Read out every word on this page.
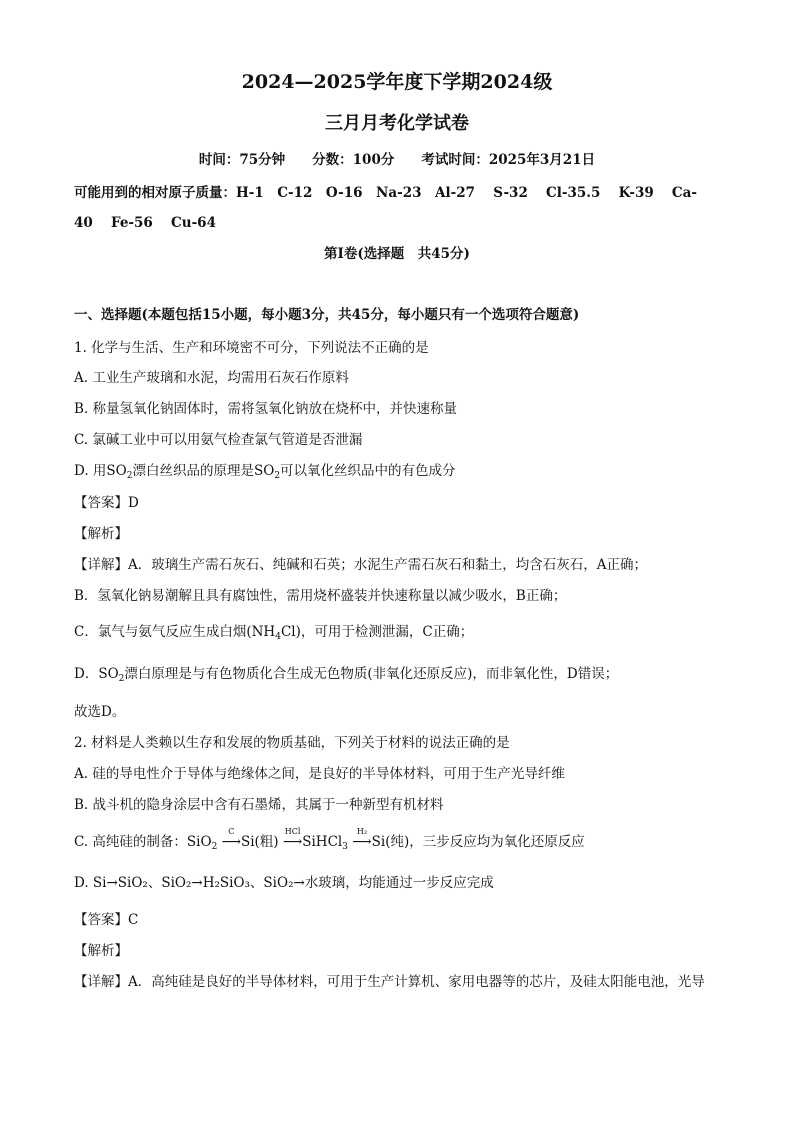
2024—2025学年度下学期2024级
三月月考化学试卷
时间：75分钟　　分数：100分　　考试时间：2025年3月21日
可能用到的相对原子质量：H-1　C-12　O-16　Na-23　Al-27　 S-32　 Cl-35.5　 K-39　 Ca-
40　 Fe-56　 Cu-64
第Ⅰ卷(选择题　共45分)
一、选择题(本题包括15小题，每小题3分，共45分，每小题只有一个选项符合题意)
1. 化学与生活、生产和环境密不可分，下列说法不正确的是
A. 工业生产玻璃和水泥，均需用石灰石作原料
B. 称量氢氧化钠固体时，需将氢氧化钠放在烧杯中，并快速称量
C. 氯碱工业中可以用氨气检查氯气管道是否泄漏
D. 用$SO_2$漂白丝织品的原理是$SO_2$可以氧化丝织品中的有色成分
【答案】D
【解析】
【详解】A．玻璃生产需石灰石、纯碱和石英；水泥生产需石灰石和黏土，均含石灰石，A正确；
B．氢氧化钠易潮解且具有腐蚀性，需用烧杯盛装并快速称量以减少吸水，B正确；
C．氯气与氨气反应生成白烟$(NH_4Cl)$，可用于检测泄漏，C正确；
D．$SO_2$漂白原理是与有色物质化合生成无色物质(非氧化还原反应)，而非氧化性，D错误；
故选D。
2. 材料是人类赖以生存和发展的物质基础，下列关于材料的说法正确的是
A. 硅的导电性介于导体与绝缘体之间，是良好的半导体材料，可用于生产光导纤维
B. 战斗机的隐身涂层中含有石墨烯，其属于一种新型有机材料
C. 高纯硅的制备：SiO$_2$
C
⟶Si(粗)
HCl
⟶SiHCl$_3$
H₂
⟶Si(纯)，三步反应均为氧化还原反应
D. Si→SiO₂、SiO₂→H₂SiO₃、SiO₂→水玻璃，均能通过一步反应完成
【答案】C
【解析】
【详解】A．高纯硅是良好的半导体材料，可用于生产计算机、家用电器等的芯片，及硅太阳能电池，光导
